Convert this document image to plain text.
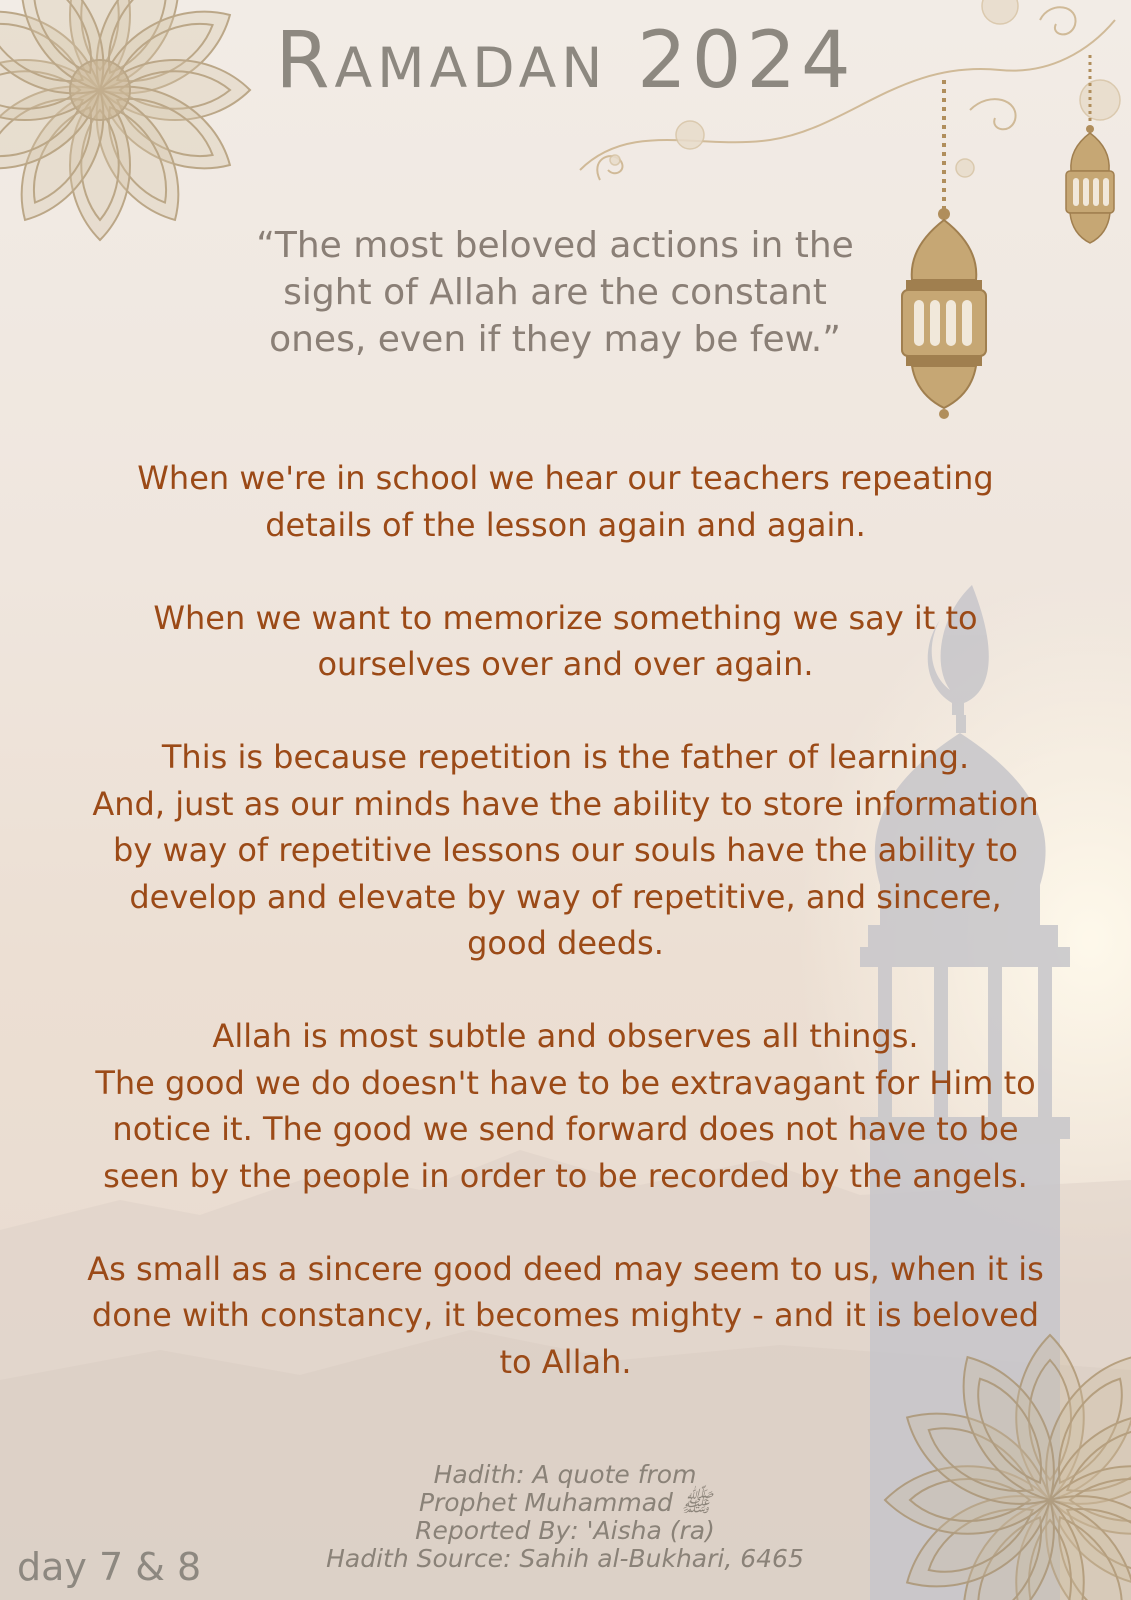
Ramadan 2024
“The most beloved actions in the
sight of Allah are the constant
ones, even if they may be few.”

When we're in school we hear our teachers repeating
details of the lesson again and again.

When we want to memorize something we say it to
ourselves over and over again.

This is because repetition is the father of learning.
And, just as our minds have the ability to store information
by way of repetitive lessons our souls have the ability to
develop and elevate by way of repetitive, and sincere,
good deeds.

Allah is most subtle and observes all things.
The good we do doesn't have to be extravagant for Him to
notice it. The good we send forward does not have to be
seen by the people in order to be recorded by the angels.

As small as a sincere good deed may seem to us, when it is
done with constancy, it becomes mighty - and it is beloved
to Allah.

Hadith: A quote from
Prophet Muhammad ﷺ
Reported By: 'Aisha (ra)
Hadith Source: Sahih al-Bukhari, 6465
day 7 & 8
